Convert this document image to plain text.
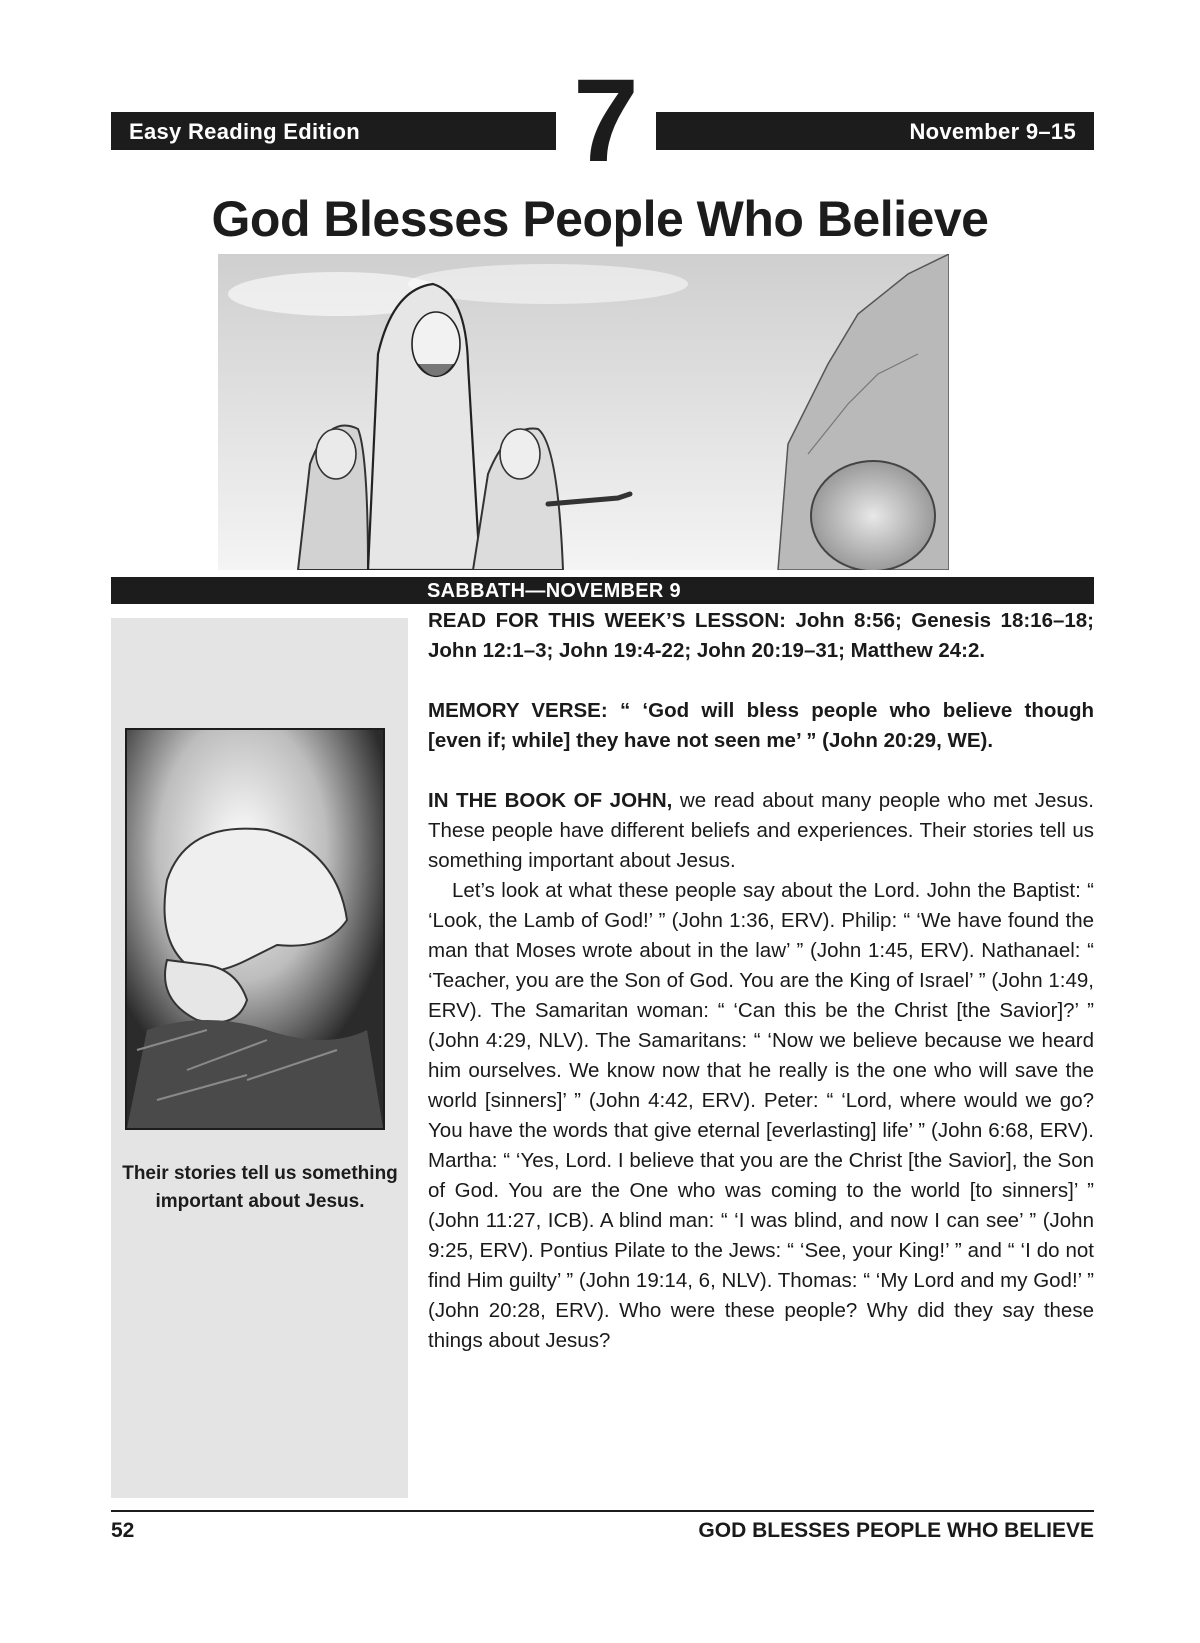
Easy Reading Edition 7	November 9–15
God Blesses People Who Believe
SABBATH—NOVEMBER 9
Their stories tell us something important about Jesus.

READ FOR THIS WEEK’S LESSON: John 8:56; Genesis 18:16–18; John 12:1–3; John 19:4-22; John 20:19–31; Matthew 24:2.

MEMORY VERSE: “ ‘God will bless people who believe though [even if; while] they have not seen me’ ” (John 20:29, WE).

IN THE BOOK OF JOHN, we read about many people who met Jesus. These people have different beliefs and experiences. Their stories tell us something important about Jesus.

Let’s look at what these people say about the Lord. John the Baptist: “ ‘Look, the Lamb of God!’ ” (John 1:36, ERV). Philip: “ ‘We have found the man that Moses wrote about in the law’ ” (John 1:45, ERV). Nathanael: “ ‘Teacher, you are the Son of God. You are the King of Israel’ ” (John 1:49, ERV). The Samaritan woman: “ ‘Can this be the Christ [the Savior]?’ ” (John 4:29, NLV). The Samaritans: “ ‘Now we believe because we heard him ourselves. We know now that he really is the one who will save the world [sinners]’ ” (John 4:42, ERV). Peter: “ ‘Lord, where would we go? You have the words that give eternal [everlasting] life’ ” (John 6:68, ERV). Martha: “ ‘Yes, Lord. I believe that you are the Christ [the Savior], the Son of God. You are the One who was coming to the world [to sinners]’ ” (John 11:27, ICB). A blind man: “ ‘I was blind, and now I can see’ ” (John 9:25, ERV). Pontius Pilate to the Jews: “ ‘See, your King!’ ” and “ ‘I do not find Him guilty’ ” (John 19:14, 6, NLV). Thomas: “ ‘My Lord and my God!’ ” (John 20:28, ERV). Who were these people? Why did they say these things about Jesus?

52	GOD BLESSES PEOPLE WHO BELIEVE
